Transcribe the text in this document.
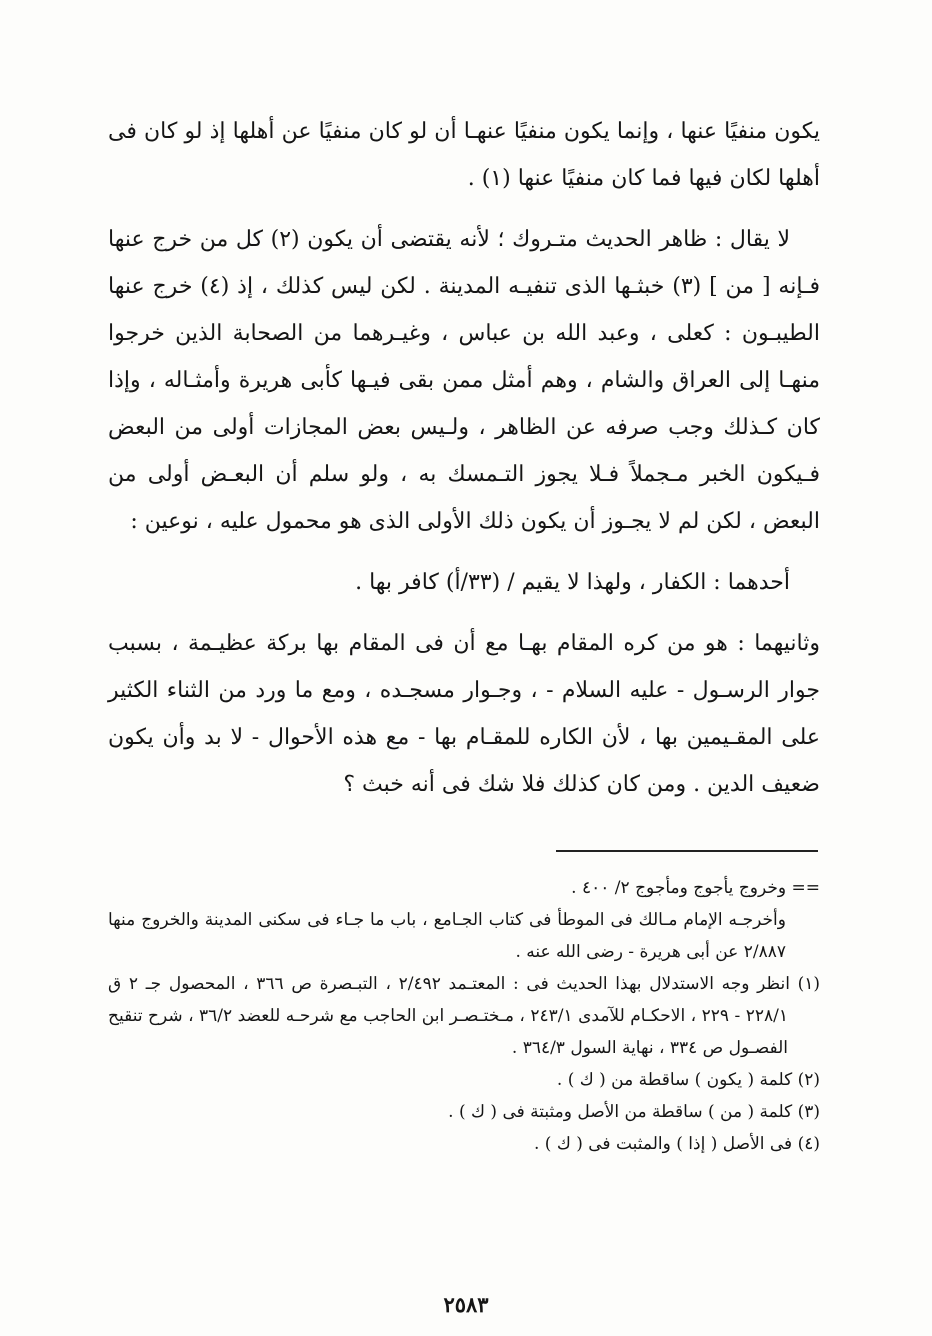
يكون منفيًا عنها ، وإنما يكون منفيًا عنهـا أن لو كان منفيًا عن أهلها إذ لو كان فى أهلها لكان فيها فما كان منفيًا عنها (١) .

لا يقال : ظاهر الحديث متـروك ؛ لأنه يقتضى أن يكون (٢) كل من خرج عنها فـإنه [ من ] (٣) خبثـها الذى تنفيـه المدينة . لكن ليس كذلك ، إذ (٤) خرج عنها الطيبـون : كعلى ، وعبد الله بن عباس ، وغيـرهما من الصحابة الذين خرجوا منهـا إلى العراق والشام ، وهم أمثل ممن بقى فيـها كأبى هريرة وأمثـاله ، وإذا كان كـذلك وجب صرفه عن الظاهر ، ولـيس بعض المجازات أولى من البعض فـيكون الخبر مـجملاً فـلا يجوز التـمسك به ، ولو سلم أن البعـض أولى من البعض ، لكن لم لا يجـوز أن يكون ذلك الأولى الذى هو محمول عليه ، نوعين :

أحدهما : الكفار ، ولهذا لا يقيم / (٣٣/أ) كافر بها .

وثانيهما : هو من كره المقام بهـا مع أن فى المقام بها بركة عظيـمة ، بسبب جوار الرسـول - عليه السلام - ، وجـوار مسجـده ، ومع ما ورد من الثناء الكثير على المقـيمين بها ، لأن الكاره للمقـام بها - مع هذه الأحوال - لا بد وأن يكون ضعيف الدين . ومن كان كذلك فلا شك فى أنه خبث ؟

== وخروج يأجوج ومأجوج ٢/ ٤٠٠ .

وأخرجـه الإمام مـالك فى الموطأ فى كتاب الجـامع ، باب ما جـاء فى سكنى المدينة والخروج منها ٢/٨٨٧ عن أبى هريرة - رضى الله عنه .

(١) انظر وجه الاستدلال بهذا الحديث فى : المعتـمد ٢/٤٩٢ ، التبـصرة ص ٣٦٦ ، المحصول جـ ٢ ق ٢٢٨/١ - ٢٢٩ ، الاحكـام للآمدى ٢٤٣/١ ، مـختـصـر ابن الحاجب مع شرحـه للعضد ٣٦/٢ ، شرح تنقيح الفصـول ص ٣٣٤ ، نهاية السول ٣٦٤/٣ .

(٢) كلمة ( يكون ) ساقطة من ( ك ) .

(٣) كلمة ( من ) ساقطة من الأصل ومثبتة فى ( ك ) .

(٤) فى الأصل ( إذا ) والمثبت فى ( ك ) .

٢٥٨٣
